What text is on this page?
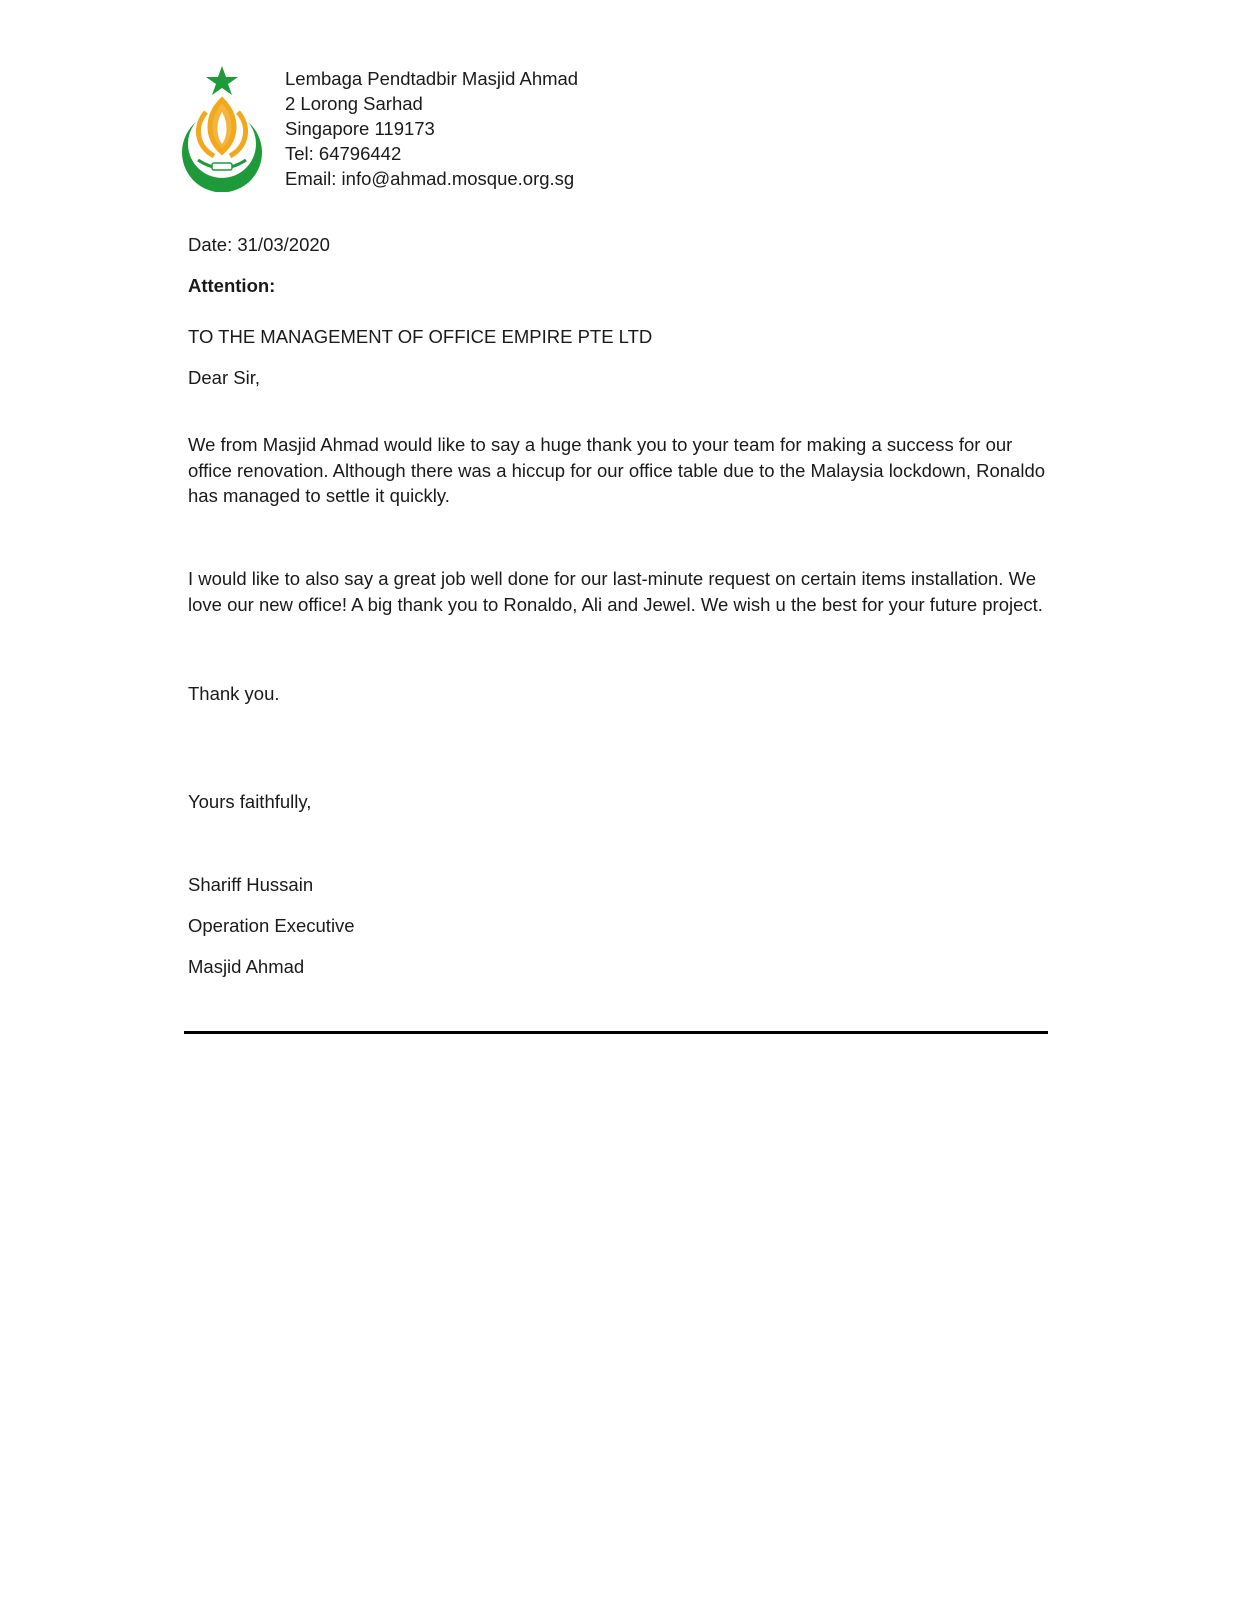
Lembaga Pendtadbir Masjid Ahmad
2 Lorong Sarhad
Singapore 119173
Tel: 64796442
Email: info@ahmad.mosque.org.sg
Date: 31/03/2020
Attention:
TO THE MANAGEMENT OF OFFICE EMPIRE PTE LTD
Dear Sir,
We from Masjid Ahmad would like to say a huge thank you to your team for making a success for our office renovation. Although there was a hiccup for our office table due to the Malaysia lockdown, Ronaldo has managed to settle it quickly.
I would like to also say a great job well done for our last-minute request on certain items installation. We love our new office! A big thank you to Ronaldo, Ali and Jewel. We wish u the best for your future project.
Thank you.
Yours faithfully,
Shariff Hussain
Operation Executive
Masjid Ahmad
